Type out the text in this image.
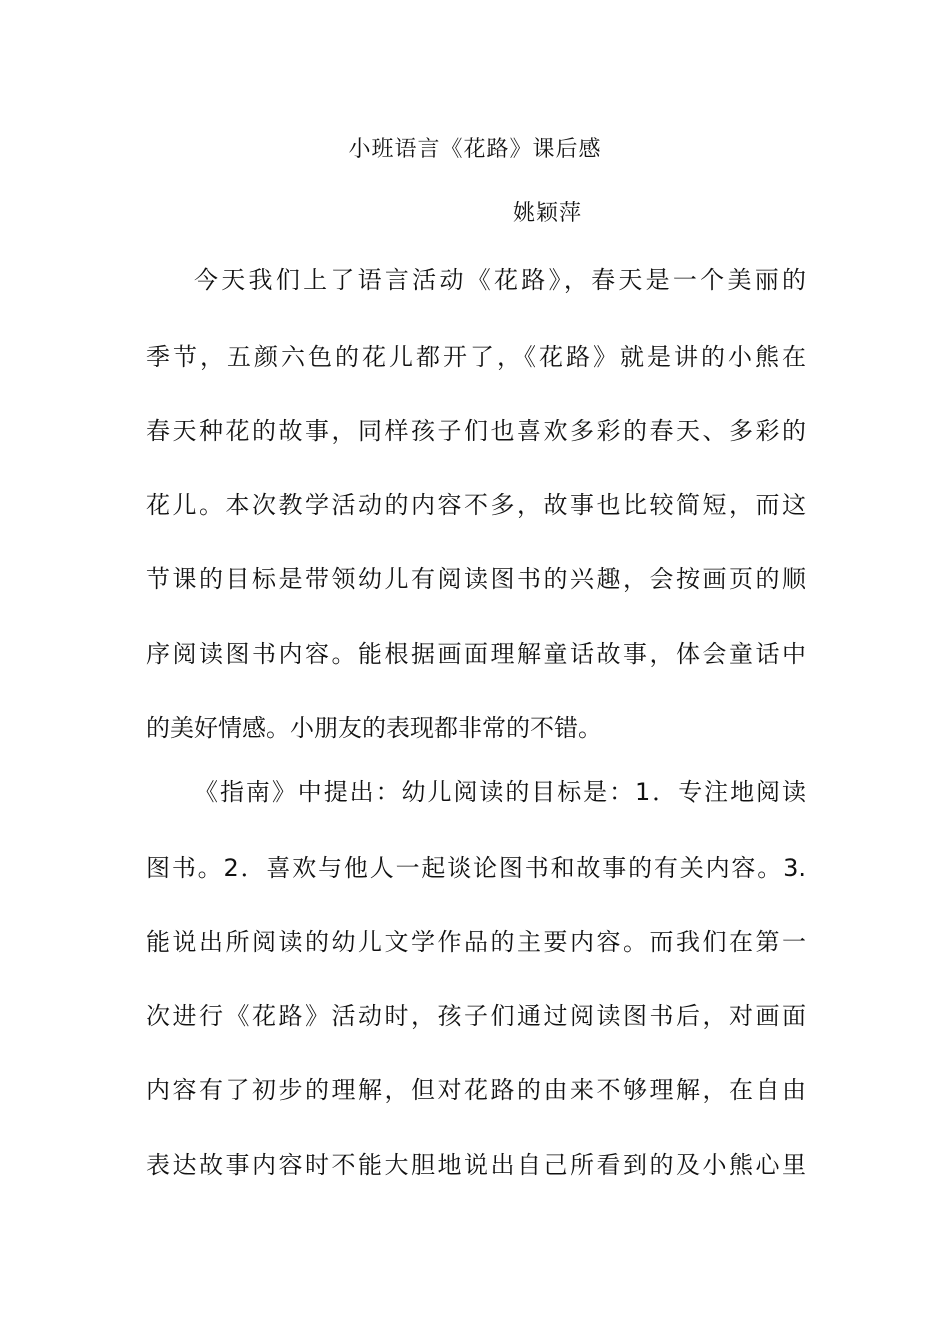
小班语言《花路》课后感
姚颖萍
今天我们上了语言活动《花路》，春天是一个美丽的
季节，五颜六色的花儿都开了，《花路》就是讲的小熊在
春天种花的故事，同样孩子们也喜欢多彩的春天、多彩的
花儿。本次教学活动的内容不多，故事也比较简短，而这
节课的目标是带领幼儿有阅读图书的兴趣，会按画页的顺
序阅读图书内容。能根据画面理解童话故事，体会童话中
的美好情感。小朋友的表现都非常的不错。
《指南》中提出：幼儿阅读的目标是：1．专注地阅读
图书。2．喜欢与他人一起谈论图书和故事的有关内容。3.
能说出所阅读的幼儿文学作品的主要内容。而我们在第一
次进行《花路》活动时，孩子们通过阅读图书后，对画面
内容有了初步的理解，但对花路的由来不够理解，在自由
表达故事内容时不能大胆地说出自己所看到的及小熊心里
